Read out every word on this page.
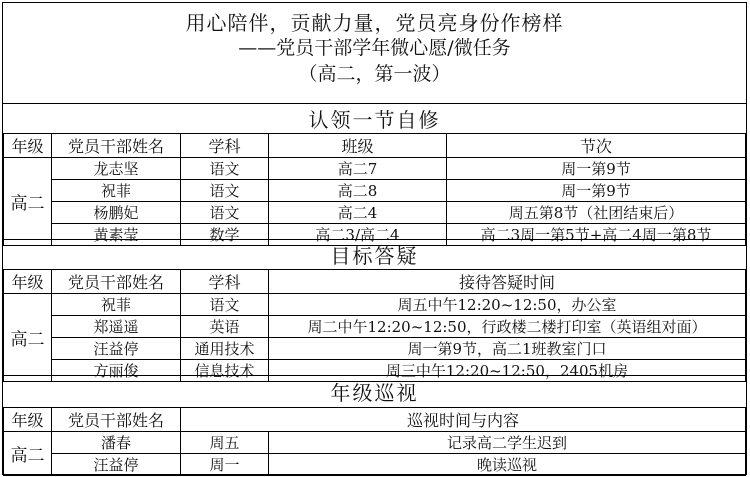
用心陪伴，贡献力量，党员亮身份作榜样
——党员干部学年微心愿/微任务
（高二，第一波）
认领一节自修				
年级	党员干部姓名	学科	班级	节次
高二	龙志坚	语文	高二7	周一第9节
	祝菲	语文	高二8	周一第9节
	杨鹏妃	语文	高二4	周五第8节（社团结束后）
	黄素莹	数学	高二3/高二4	高二3周一第5节+高二4周一第8节
目标答疑			
年级	党员干部姓名	学科	接待答疑时间
高二	祝菲	语文	周五中午12:20~12:50，办公室
	郑遥遥	英语	周二中午12:20~12:50，行政楼二楼打印室（英语组对面）
	汪益停	通用技术	周一第9节，高二1班教室门口
	方丽俊	信息技术	周三中午12:20~12:50，2405机房
年级巡视			
年级	党员干部姓名	巡视时间与内容	
高二	潘春	周五	记录高二学生迟到
	汪益停	周一	晚读巡视
